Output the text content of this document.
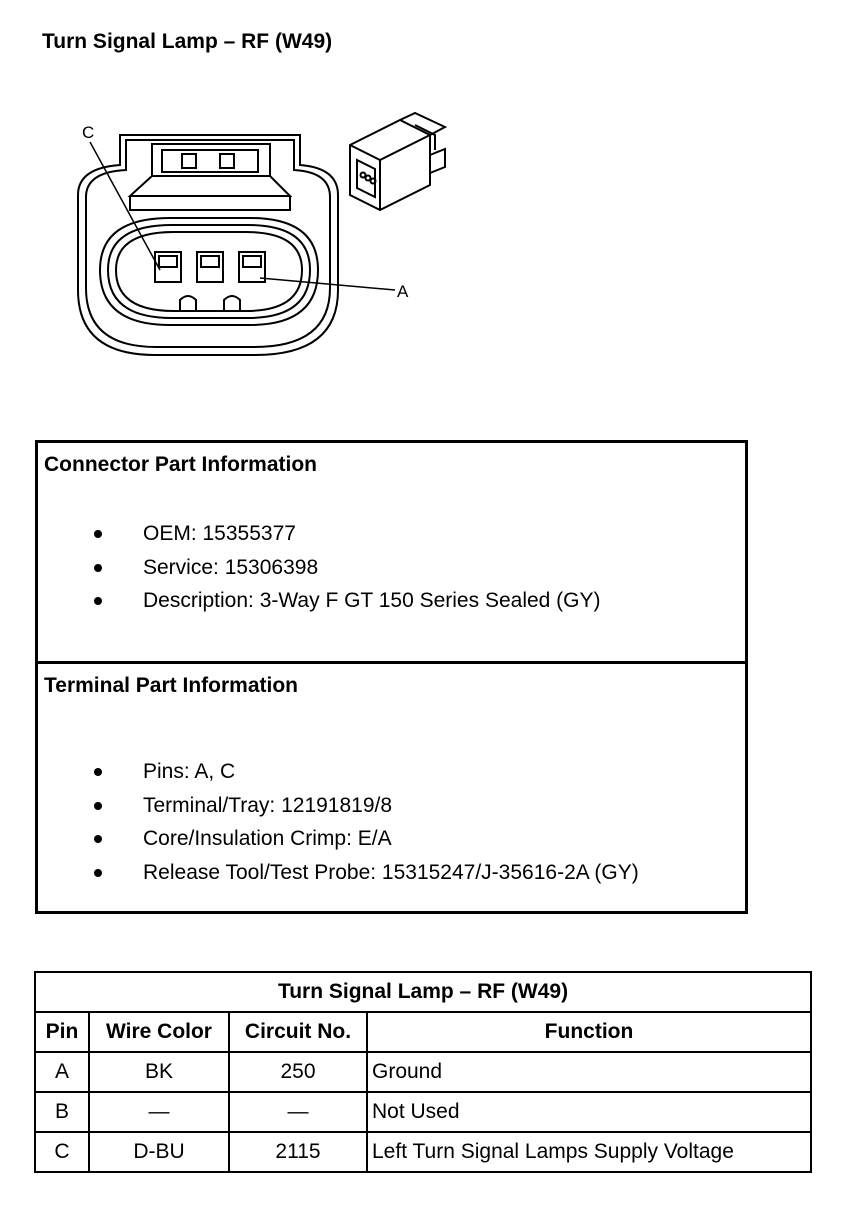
Turn Signal Lamp – RF (W49)
C
A
Connector Part Information
OEM: 15355377
Service: 15306398
Description: 3-Way F GT 150 Series Sealed (GY)
Terminal Part Information
Pins: A, C
Terminal/Tray: 12191819/8
Core/Insulation Crimp: E/A
Release Tool/Test Probe: 15315247/J-35616-2A (GY)
Turn Signal Lamp – RF (W49)			
Pin	Wire Color	Circuit No.	Function
A	BK	250	Ground
B	—	—	Not Used
C	D-BU	2115	Left Turn Signal Lamps Supply Voltage
